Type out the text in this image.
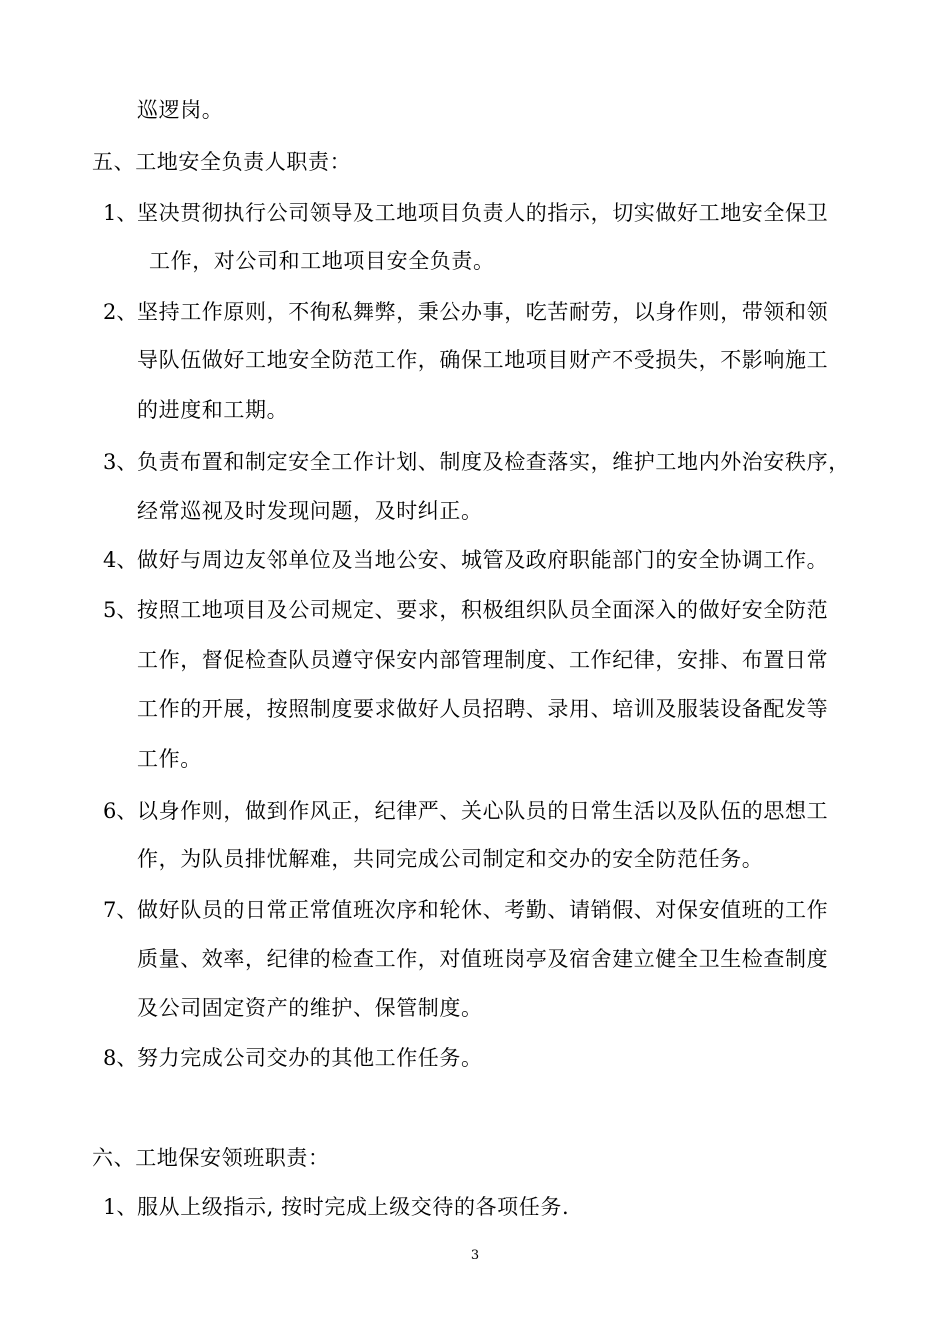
巡逻岗。
五、工地安全负责人职责：
1、 坚决贯彻执行公司领导及工地项目负责人的指示，切实做好工地安全保卫
工作，对公司和工地项目安全负责。
2、 坚持工作原则，不徇私舞弊，秉公办事，吃苦耐劳，以身作则，带领和领
导队伍做好工地安全防范工作，确保工地项目财产不受损失，不影响施工
的进度和工期。
3、 负责布置和制定安全工作计划、制度及检查落实，维护工地内外治安秩序，
经常巡视及时发现问题，及时纠正。
4、 做好与周边友邻单位及当地公安、城管及政府职能部门的安全协调工作。
5、 按照工地项目及公司规定、要求，积极组织队员全面深入的做好安全防范
工作，督促检查队员遵守保安内部管理制度、工作纪律，安排、布置日常
工作的开展，按照制度要求做好人员招聘、录用、培训及服装设备配发等
工作。
6、 以身作则，做到作风正，纪律严、关心队员的日常生活以及队伍的思想工
作，为队员排忧解难，共同完成公司制定和交办的安全防范任务。
7、 做好队员的日常正常值班次序和轮休、考勤、请销假、对保安值班的工作
质量、效率，纪律的检查工作，对值班岗亭及宿舍建立健全卫生检查制度
及公司固定资产的维护、保管制度。
8、 努力完成公司交办的其他工作任务。
六、工地保安领班职责：
1、 服从上级指示, 按时完成上级交待的各项任务.
3
